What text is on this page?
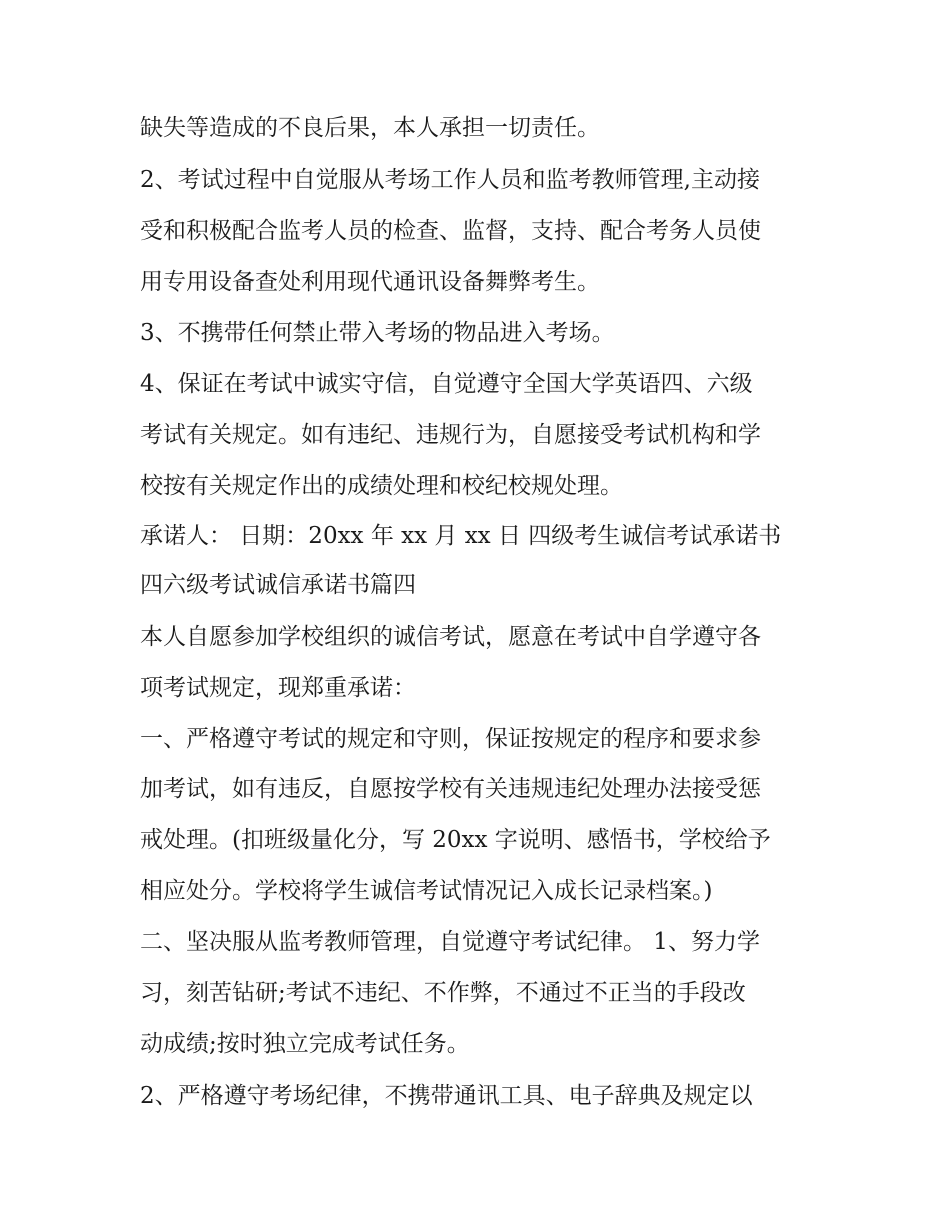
缺失等造成的不良后果，本人承担一切责任。
2、考试过程中自觉服从考场工作人员和监考教师管理,主动接
受和积极配合监考人员的检查、监督，支持、配合考务人员使
用专用设备查处利用现代通讯设备舞弊考生。
3、不携带任何禁止带入考场的物品进入考场。
4、保证在考试中诚实守信，自觉遵守全国大学英语四、六级
考试有关规定。如有违纪、违规行为，自愿接受考试机构和学
校按有关规定作出的成绩处理和校纪校规处理。
承诺人： 日期：20xx 年 xx 月 xx 日 四级考生诚信考试承诺书
四六级考试诚信承诺书篇四
本人自愿参加学校组织的诚信考试，愿意在考试中自学遵守各
项考试规定，现郑重承诺：
一、严格遵守考试的规定和守则，保证按规定的程序和要求参
加考试，如有违反，自愿按学校有关违规违纪处理办法接受惩
戒处理。(扣班级量化分，写 20xx 字说明、感悟书，学校给予
相应处分。学校将学生诚信考试情况记入成长记录档案。)
二、坚决服从监考教师管理，自觉遵守考试纪律。 1、努力学
习，刻苦钻研;考试不违纪、不作弊，不通过不正当的手段改
动成绩;按时独立完成考试任务。
2、严格遵守考场纪律，不携带通讯工具、电子辞典及规定以
